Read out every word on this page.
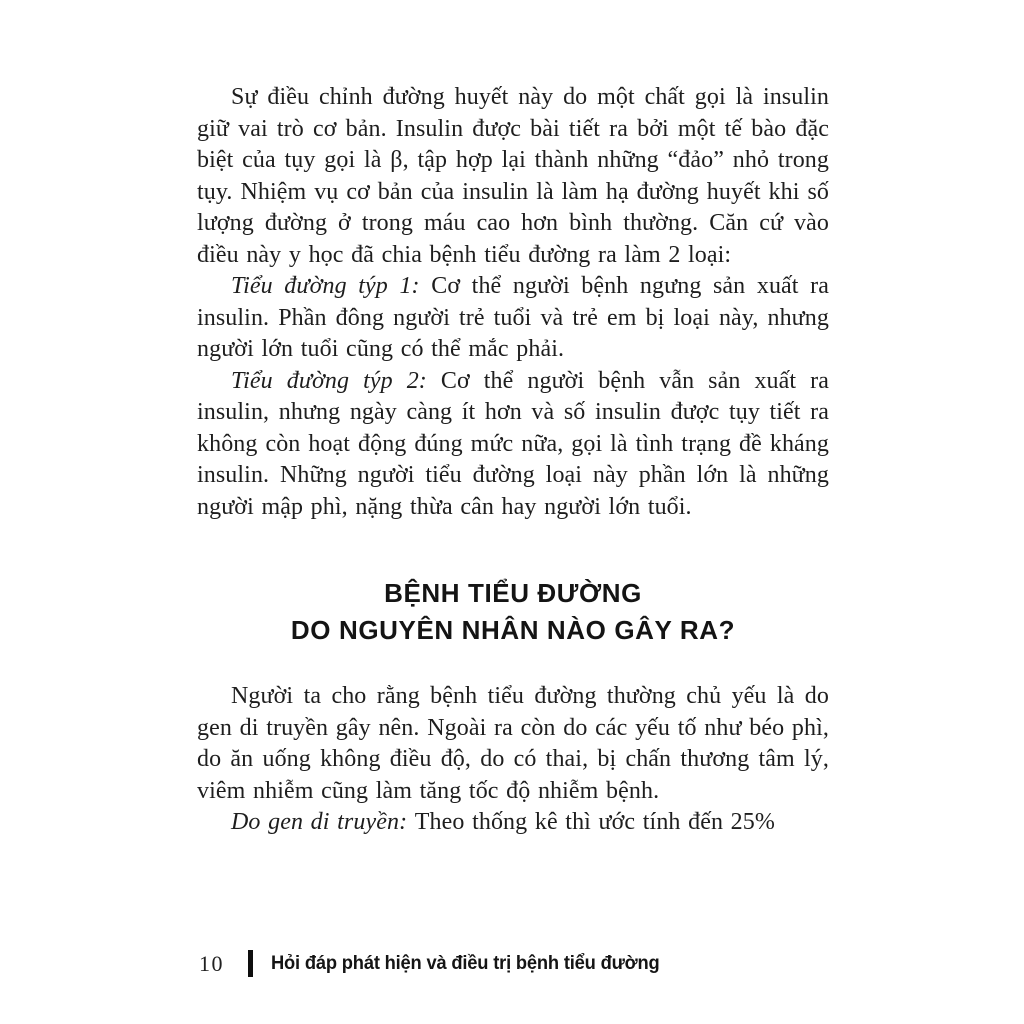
Sự điều chỉnh đường huyết này do một chất gọi là insulin giữ vai trò cơ bản. Insulin được bài tiết ra bởi một tế bào đặc biệt của tụy gọi là β, tập hợp lại thành những “đảo” nhỏ trong tụy. Nhiệm vụ cơ bản của insulin là làm hạ đường huyết khi số lượng đường ở trong máu cao hơn bình thường. Căn cứ vào điều này y học đã chia bệnh tiểu đường ra làm 2 loại:

Tiểu đường týp 1: Cơ thể người bệnh ngưng sản xuất ra insulin. Phần đông người trẻ tuổi và trẻ em bị loại này, nhưng người lớn tuổi cũng có thể mắc phải.

Tiểu đường týp 2: Cơ thể người bệnh vẫn sản xuất ra insulin, nhưng ngày càng ít hơn và số insulin được tụy tiết ra không còn hoạt động đúng mức nữa, gọi là tình trạng đề kháng insulin. Những người tiểu đường loại này phần lớn là những người mập phì, nặng thừa cân hay người lớn tuổi.

BỆNH TIỂU ĐƯỜNG
DO NGUYÊN NHÂN NÀO GÂY RA?

Người ta cho rằng bệnh tiểu đường thường chủ yếu là do gen di truyền gây nên. Ngoài ra còn do các yếu tố như béo phì, do ăn uống không điều độ, do có thai, bị chấn thương tâm lý, viêm nhiễm cũng làm tăng tốc độ nhiễm bệnh.

Do gen di truyền: Theo thống kê thì ước tính đến 25%

10 Hỏi đáp phát hiện và điều trị bệnh tiểu đường
